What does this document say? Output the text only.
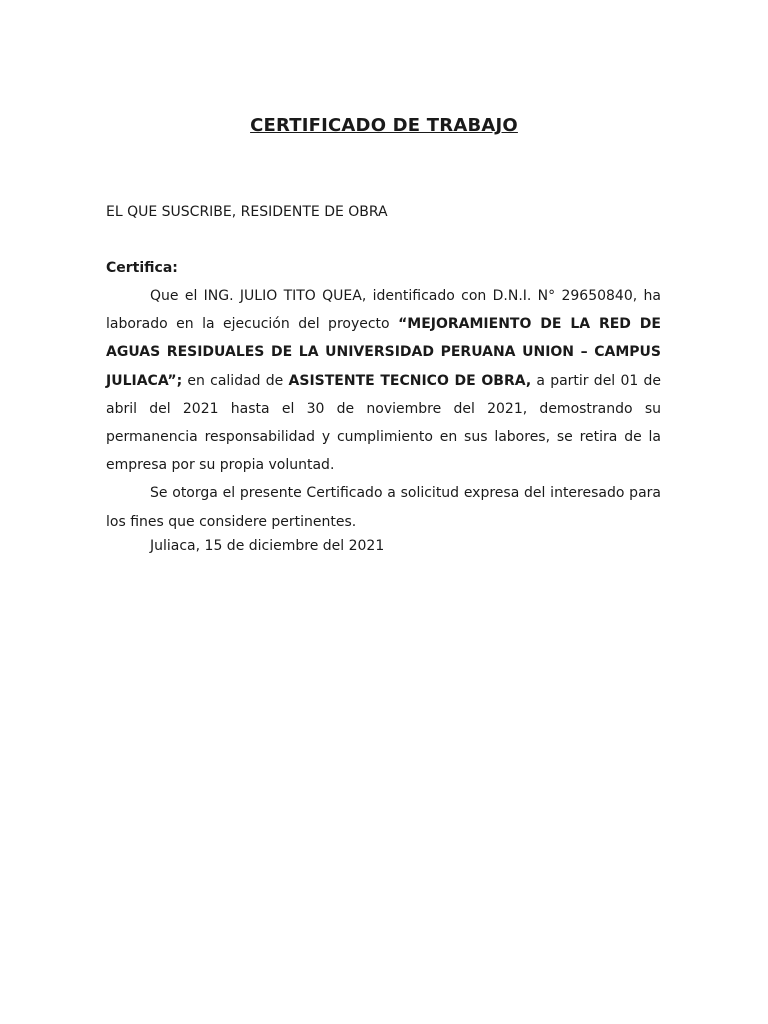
CERTIFICADO DE TRABAJO
EL QUE SUSCRIBE, RESIDENTE DE OBRA
Certifica:

Que el ING. JULIO TITO QUEA, identificado con D.N.I. N° 29650840, ha laborado en la ejecución del proyecto “MEJORAMIENTO DE LA RED DE AGUAS RESIDUALES DE LA UNIVERSIDAD PERUANA UNION – CAMPUS JULIACA”; en calidad de ASISTENTE TECNICO DE OBRA, a partir del 01 de abril del 2021 hasta el 30 de noviembre del 2021, demostrando su permanencia responsabilidad y cumplimiento en sus labores, se retira de la empresa por su propia voluntad.

Se otorga el presente Certificado a solicitud expresa del interesado para los fines que considere pertinentes.

Juliaca, 15 de diciembre del 2021
